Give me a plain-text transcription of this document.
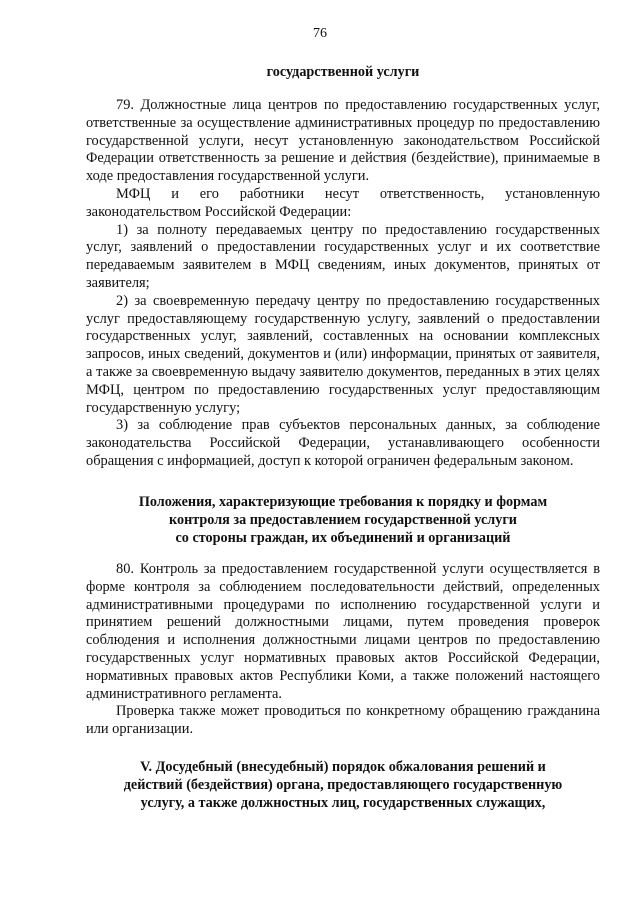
76
государственной услуги

79. Должностные лица центров по предоставлению государственных услуг, ответственные за осуществление административных процедур по предоставлению государственной услуги, несут установленную законодательством Российской Федерации ответственность за решение и действия (бездействие), принимаемые в ходе предоставления государственной услуги.

МФЦ и его работники несут ответственность, установленную законодательством Российской Федерации:

1) за полноту передаваемых центру по предоставлению государственных услуг, заявлений о предоставлении государственных услуг и их соответствие передаваемым заявителем в МФЦ сведениям, иных документов, принятых от заявителя;

2) за своевременную передачу центру по предоставлению государственных услуг предоставляющему государственную услугу, заявлений о предоставлении государственных услуг, заявлений, составленных на основании комплексных запросов, иных сведений, документов и (или) информации, принятых от заявителя, а также за своевременную выдачу заявителю документов, переданных в этих целях МФЦ, центром по предоставлению государственных услуг предоставляющим государственную услугу;

3) за соблюдение прав субъектов персональных данных, за соблюдение законодательства Российской Федерации, устанавливающего особенности обращения с информацией, доступ к которой ограничен федеральным законом.

Положения, характеризующие требования к порядку и формам
контроля за предоставлением государственной услуги
со стороны граждан, их объединений и организаций

80. Контроль за предоставлением государственной услуги осуществляется в форме контроля за соблюдением последовательности действий, определенных административными процедурами по исполнению государственной услуги и принятием решений должностными лицами, путем проведения проверок соблюдения и исполнения должностными лицами центров по предоставлению государственных услуг нормативных правовых актов Российской Федерации, нормативных правовых актов Республики Коми, а также положений настоящего административного регламента.

Проверка также может проводиться по конкретному обращению гражданина или организации.

V. Досудебный (внесудебный) порядок обжалования решений и
действий (бездействия) органа, предоставляющего государственную
услугу, а также должностных лиц, государственных служащих,
